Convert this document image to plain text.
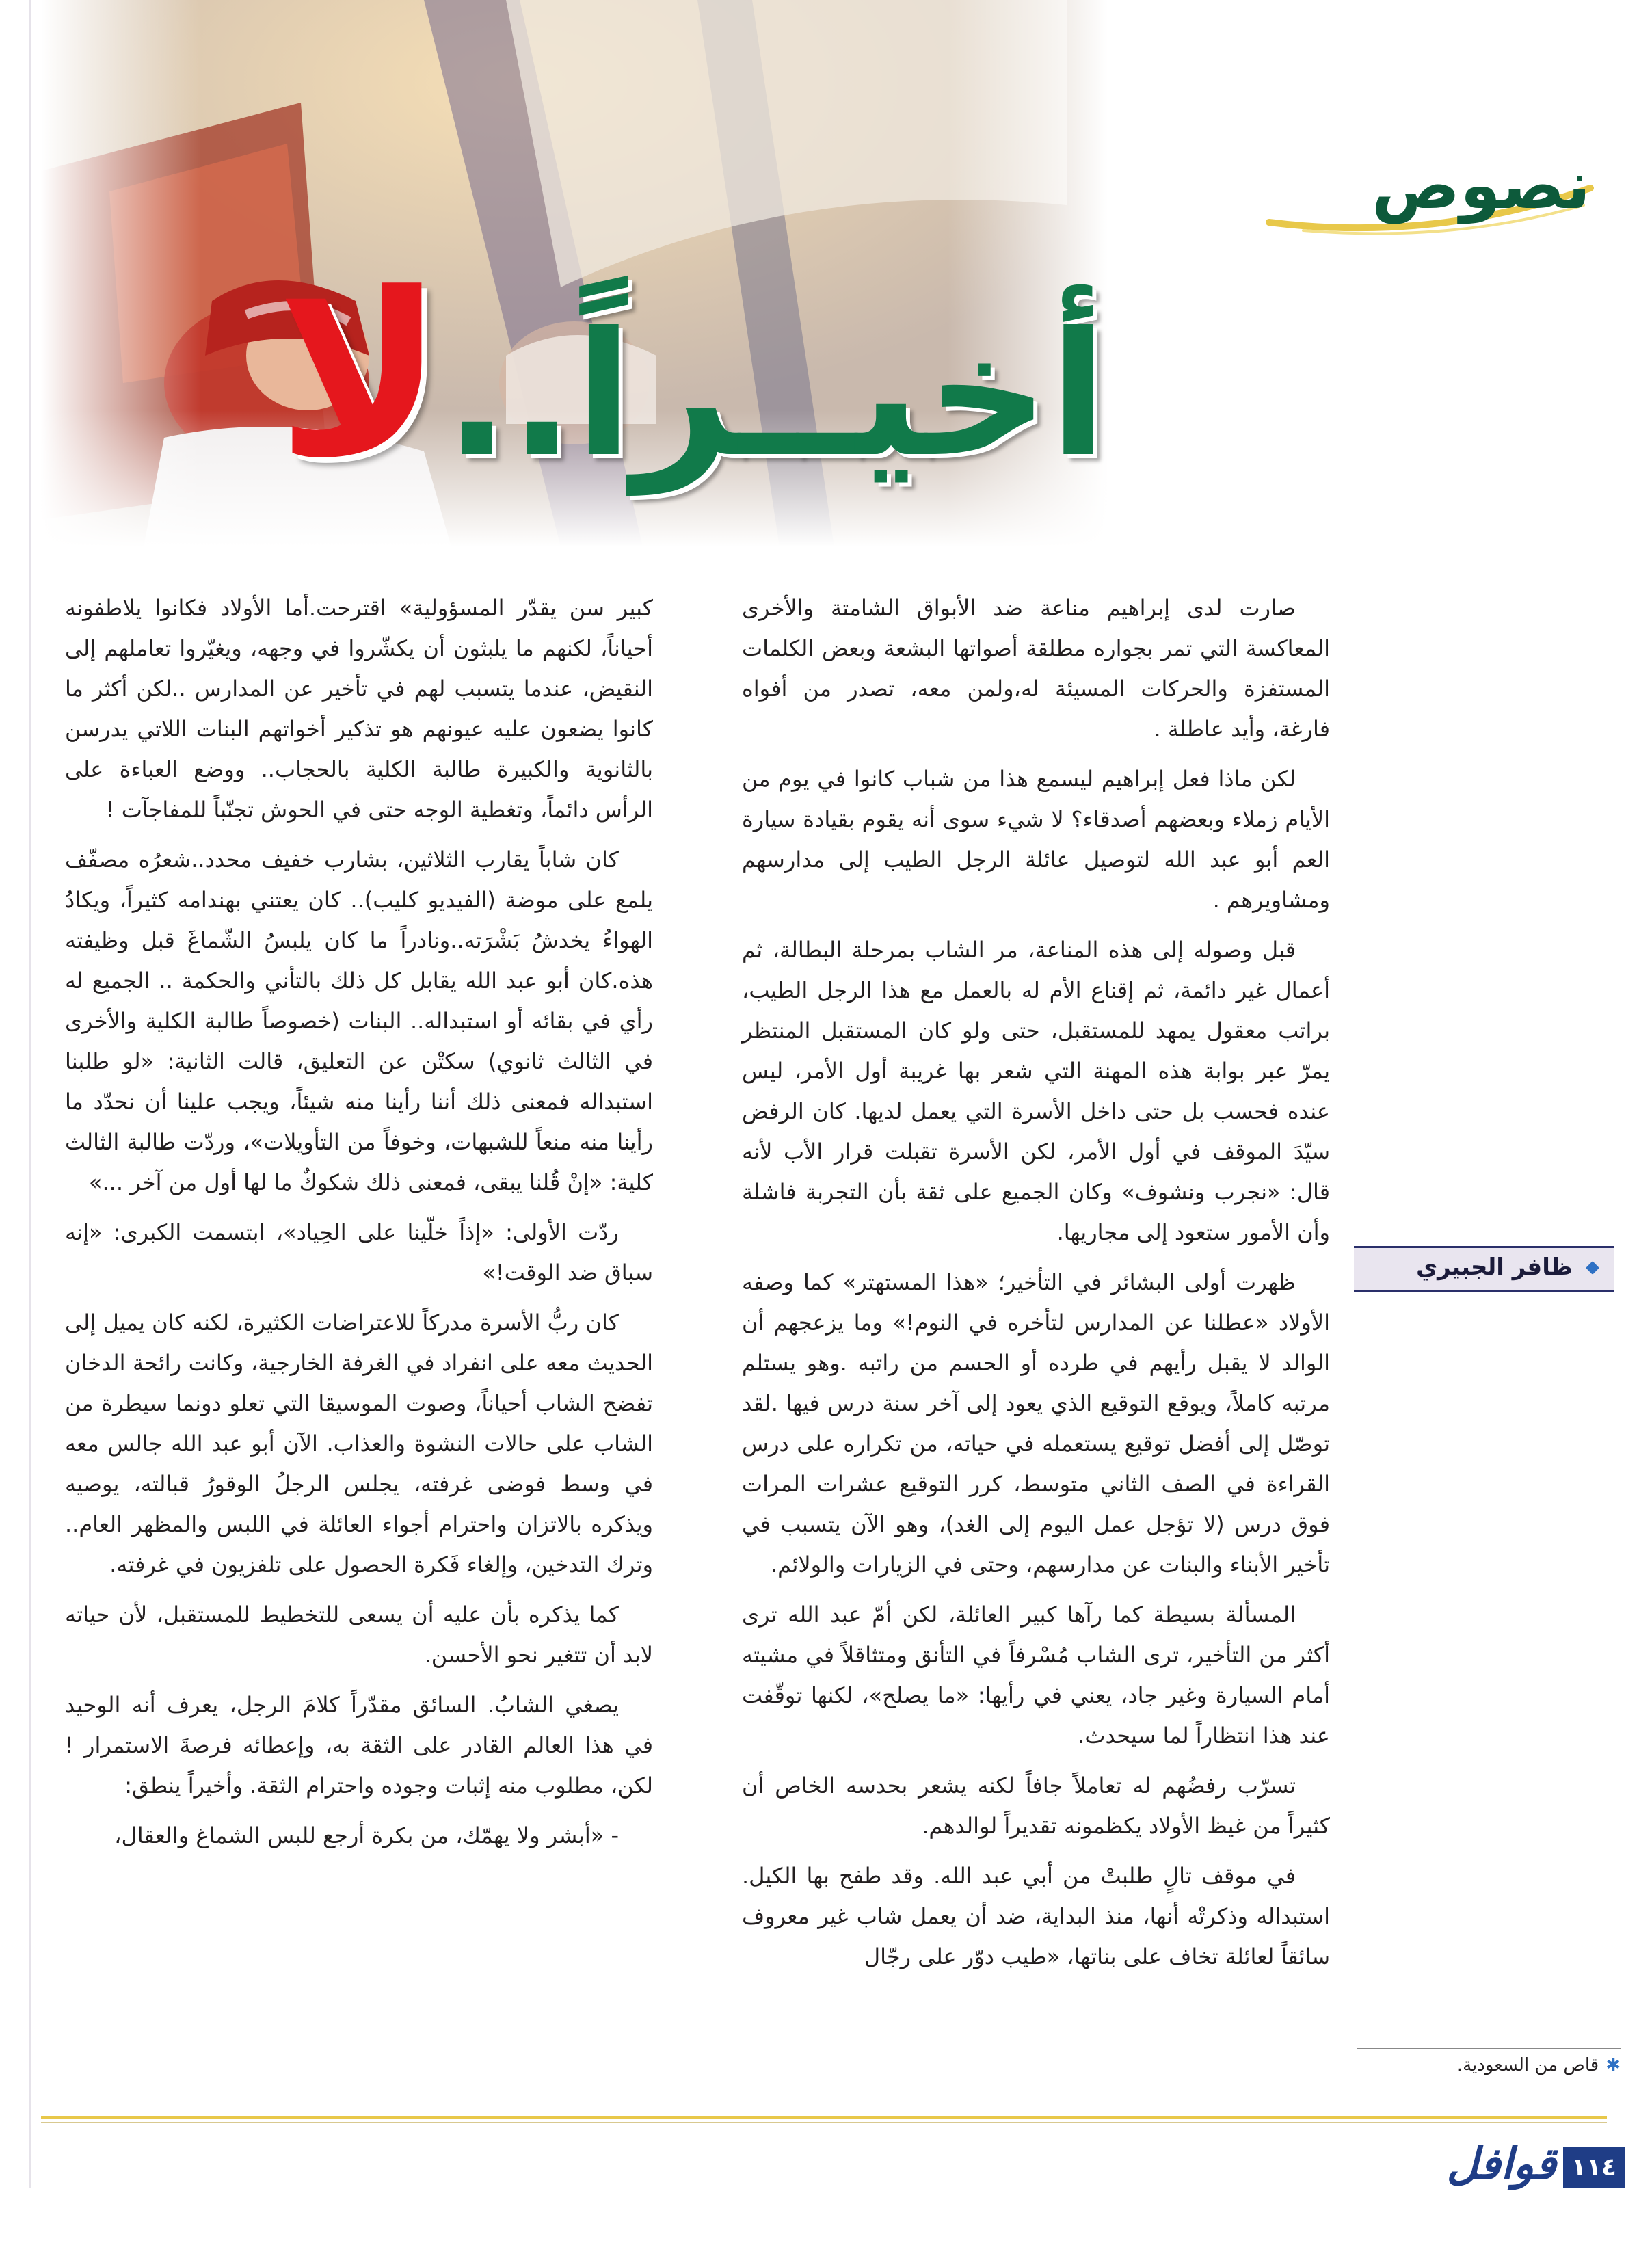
نصوص
أخيــراً..لا
ظافر الجبيري

صارت لدى إبراهيم مناعة ضد الأبواق الشامتة والأخرى المعاكسة التي تمر بجواره مطلقة أصواتها البشعة وبعض الكلمات المستفزة والحركات المسيئة له،ولمن معه، تصدر من أفواه فارغة، وأيد عاطلة .

لكن ماذا فعل إبراهيم ليسمع هذا من شباب كانوا في يوم من الأيام زملاء وبعضهم أصدقاء؟ لا شيء سوى أنه يقوم بقيادة سيارة العم أبو عبد الله لتوصيل عائلة الرجل الطيب إلى مدارسهم ومشاويرهم .

قبل وصوله إلى هذه المناعة، مر الشاب بمرحلة البطالة، ثم أعمال غير دائمة، ثم إقناع الأم له بالعمل مع هذا الرجل الطيب، براتب معقول يمهد للمستقبل، حتى ولو كان المستقبل المنتظر يمرّ عبر بوابة هذه المهنة التي شعر بها غريبة أول الأمر، ليس عنده فحسب بل حتى داخل الأسرة التي يعمل لديها. كان الرفض سيّدَ الموقف في أول الأمر، لكن الأسرة تقبلت قرار الأب لأنه قال: «نجرب ونشوف» وكان الجميع على ثقة بأن التجربة فاشلة وأن الأمور ستعود إلى مجاريها.

ظهرت أولى البشائر في التأخير؛ «هذا المستهتر» كما وصفه الأولاد «عطلنا عن المدارس لتأخره في النوم!» وما يزعجهم أن الوالد لا يقبل رأيهم في طرده أو الحسم من راتبه .وهو يستلم مرتبه كاملاً، ويوقع التوقيع الذي يعود إلى آخر سنة درس فيها .لقد توصّل إلى أفضل توقيع يستعمله في حياته، من تكراره على درس القراءة في الصف الثاني متوسط، كرر التوقيع عشرات المرات فوق درس (لا تؤجل عمل اليوم إلى الغد)، وهو الآن يتسبب في تأخير الأبناء والبنات عن مدارسهم، وحتى في الزيارات والولائم.

المسألة بسيطة كما رآها كبير العائلة، لكن أمّ عبد الله ترى أكثر من التأخير، ترى الشاب مُسْرفاً في التأنق ومتثاقلاً في مشيته أمام السيارة وغير جاد، يعني في رأيها: «ما يصلح»، لكنها توقّفت عند هذا انتظاراً لما سيحدث.

تسرّب رفضُهم له تعاملاً جافاً لكنه يشعر بحدسه الخاص أن كثيراً من غيظ الأولاد يكظمونه تقديراً لوالدهم.

في موقف تالٍ طلبتْ من أبي عبد الله. وقد طفح بها الكيل. استبداله وذكرتْه أنها، منذ البداية، ضد أن يعمل شاب غير معروف سائقاً لعائلة تخاف على بناتها، «طيب دوّر على رجّال

كبير سن يقدّر المسؤولية» اقترحت.أما الأولاد فكانوا يلاطفونه أحياناً، لكنهم ما يلبثون أن يكشّروا في وجهه، ويغيّروا تعاملهم إلى النقيض، عندما يتسبب لهم في تأخير عن المدارس ..لكن أكثر ما كانوا يضعون عليه عيونهم هو تذكير أخواتهم البنات اللاتي يدرسن بالثانوية والكبيرة طالبة الكلية بالحجاب.. ووضع العباءة على الرأس دائماً، وتغطية الوجه حتى في الحوش تجنّباً للمفاجآت !

كان شاباً يقارب الثلاثين، بشارب خفيف محدد..شعرُه مصفّف يلمع على موضة (الفيديو كليب).. كان يعتني بهندامه كثيراً، ويكادُ الهواءُ يخدشُ بَشْرَته..ونادراً ما كان يلبسُ الشّماغَ قبل وظيفته هذه.كان أبو عبد الله يقابل كل ذلك بالتأني والحكمة .. الجميع له رأي في بقائه أو استبداله.. البنات (خصوصاً طالبة الكلية والأخرى في الثالث ثانوي) سكتْن عن التعليق، قالت الثانية: «لو طلبنا استبداله فمعنى ذلك أننا رأينا منه شيئاً، ويجب علينا أن نحدّد ما رأينا منه منعاً للشبهات، وخوفاً من التأويلات»، وردّت طالبة الثالث كلية: «إنْ قُلنا يبقى، فمعنى ذلك شكوكٌ ما لها أول من آخر ...»

ردّت الأولى: «إذاً خلّينا على الحِياد»، ابتسمت الكبرى: «إنه سباق ضد الوقت!»

كان ربُّ الأسرة مدركاً للاعتراضات الكثيرة، لكنه كان يميل إلى الحديث معه على انفراد في الغرفة الخارجية، وكانت رائحة الدخان تفضح الشاب أحياناً، وصوت الموسيقا التي تعلو دونما سيطرة من الشاب على حالات النشوة والعذاب. الآن أبو عبد الله جالس معه في وسط فوضى غرفته، يجلس الرجلُ الوقورُ قبالته، يوصيه ويذكره بالاتزان واحترام أجواء العائلة في اللبس والمظهر العام.. وترك التدخين، وإلغاء فَكرة الحصول على تلفزيون في غرفته.

كما يذكره بأن عليه أن يسعى للتخطيط للمستقبل، لأن حياته لابد أن تتغير نحو الأحسن.

يصغي الشابُ. السائق مقدّراً كلامَ الرجل، يعرف أنه الوحيد في هذا العالم القادر على الثقة به، وإعطائه فرصةَ الاستمرار ! لكن، مطلوب منه إثبات وجوده واحترام الثقة. وأخيراً ينطق:

- «أبشر ولا يهمّك، من بكرة أرجع للبس الشماغ والعقال،

✱قاص من السعودية.
قوافل ١١٤
